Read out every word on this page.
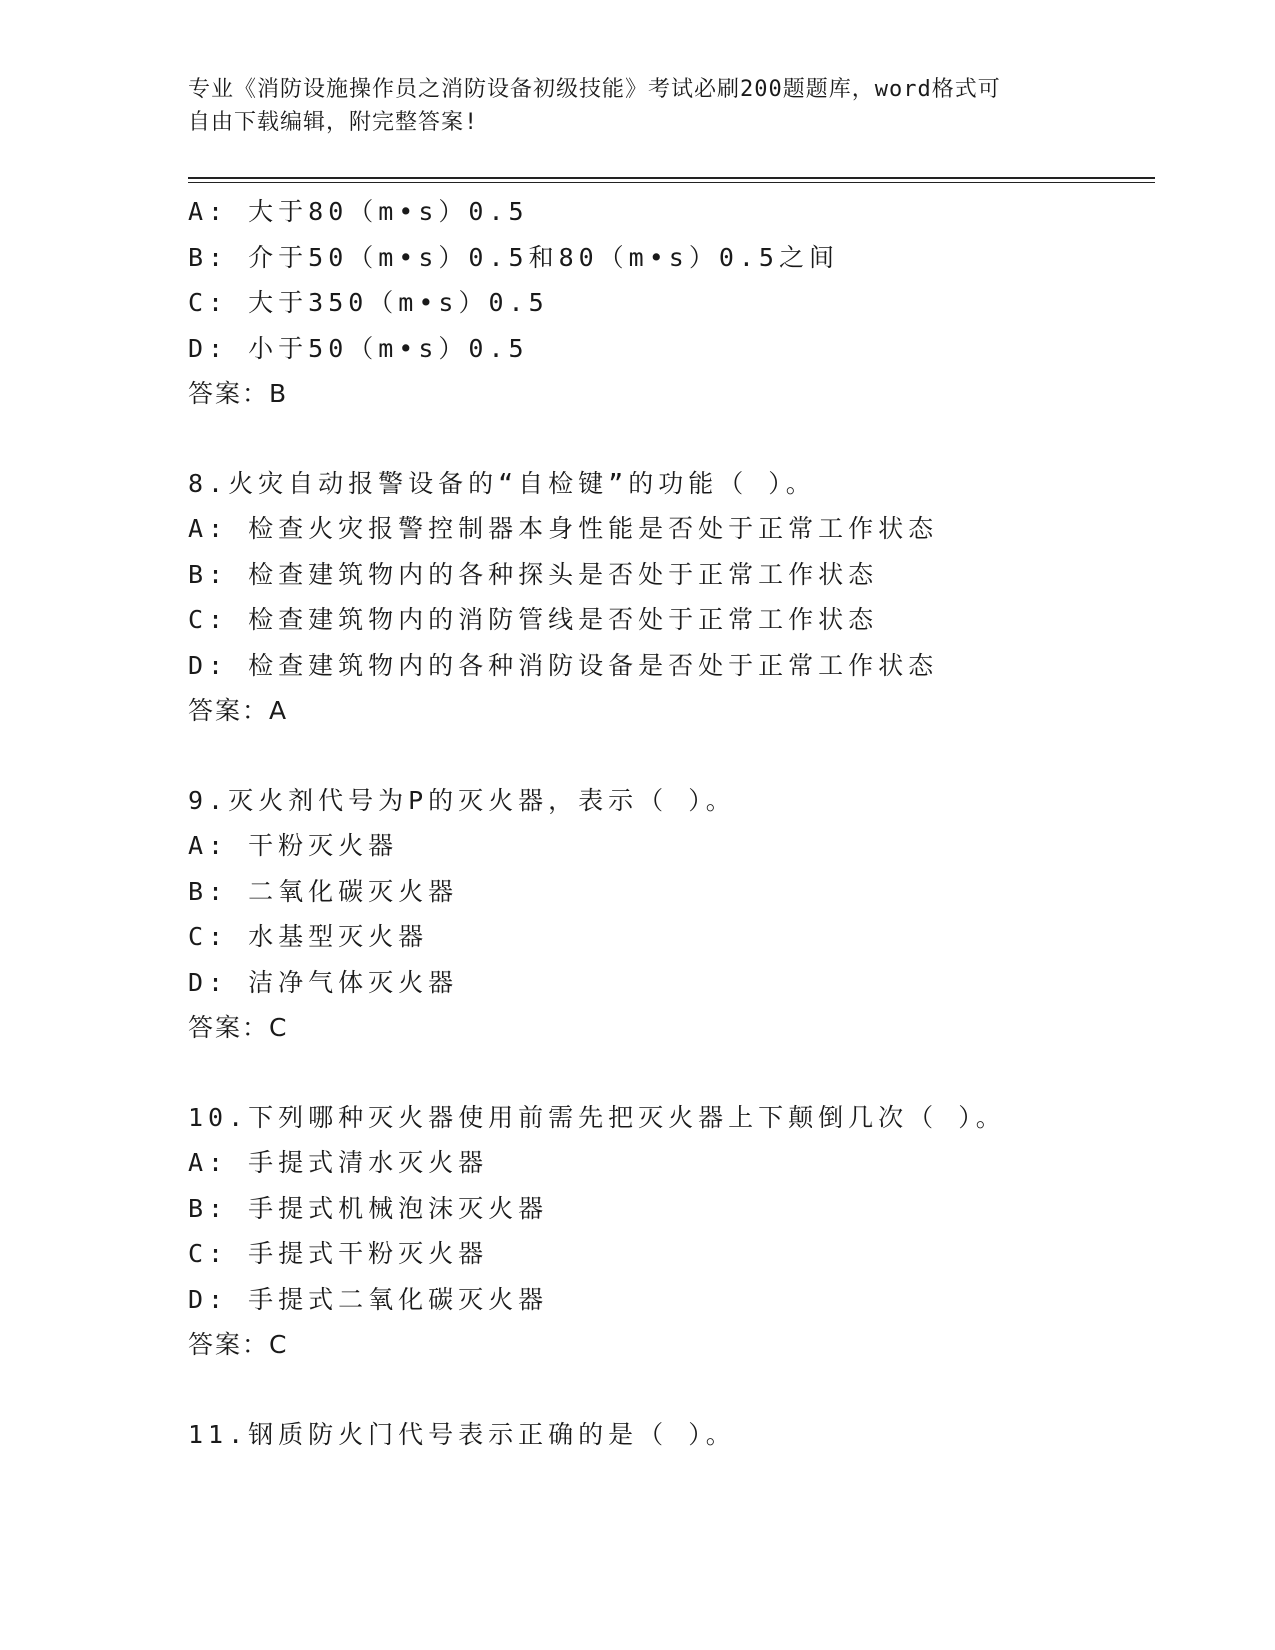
专业《消防设施操作员之消防设备初级技能》考试必刷200题题库，word格式可
自由下载编辑，附完整答案!
A: 大于80（m•s）0.5
B: 介于50（m•s）0.5和80（m•s）0.5之间
C: 大于350（m•s）0.5
D: 小于50（m•s）0.5
答案：B
8.火灾自动报警设备的“自检键”的功能（ ）。
A: 检查火灾报警控制器本身性能是否处于正常工作状态
B: 检查建筑物内的各种探头是否处于正常工作状态
C: 检查建筑物内的消防管线是否处于正常工作状态
D: 检查建筑物内的各种消防设备是否处于正常工作状态
答案：A
9.灭火剂代号为P的灭火器，表示（ ）。
A: 干粉灭火器
B: 二氧化碳灭火器
C: 水基型灭火器
D: 洁净气体灭火器
答案：C
10.下列哪种灭火器使用前需先把灭火器上下颠倒几次（ ）。
A: 手提式清水灭火器
B: 手提式机械泡沫灭火器
C: 手提式干粉灭火器
D: 手提式二氧化碳灭火器
答案：C
11.钢质防火门代号表示正确的是（ ）。
